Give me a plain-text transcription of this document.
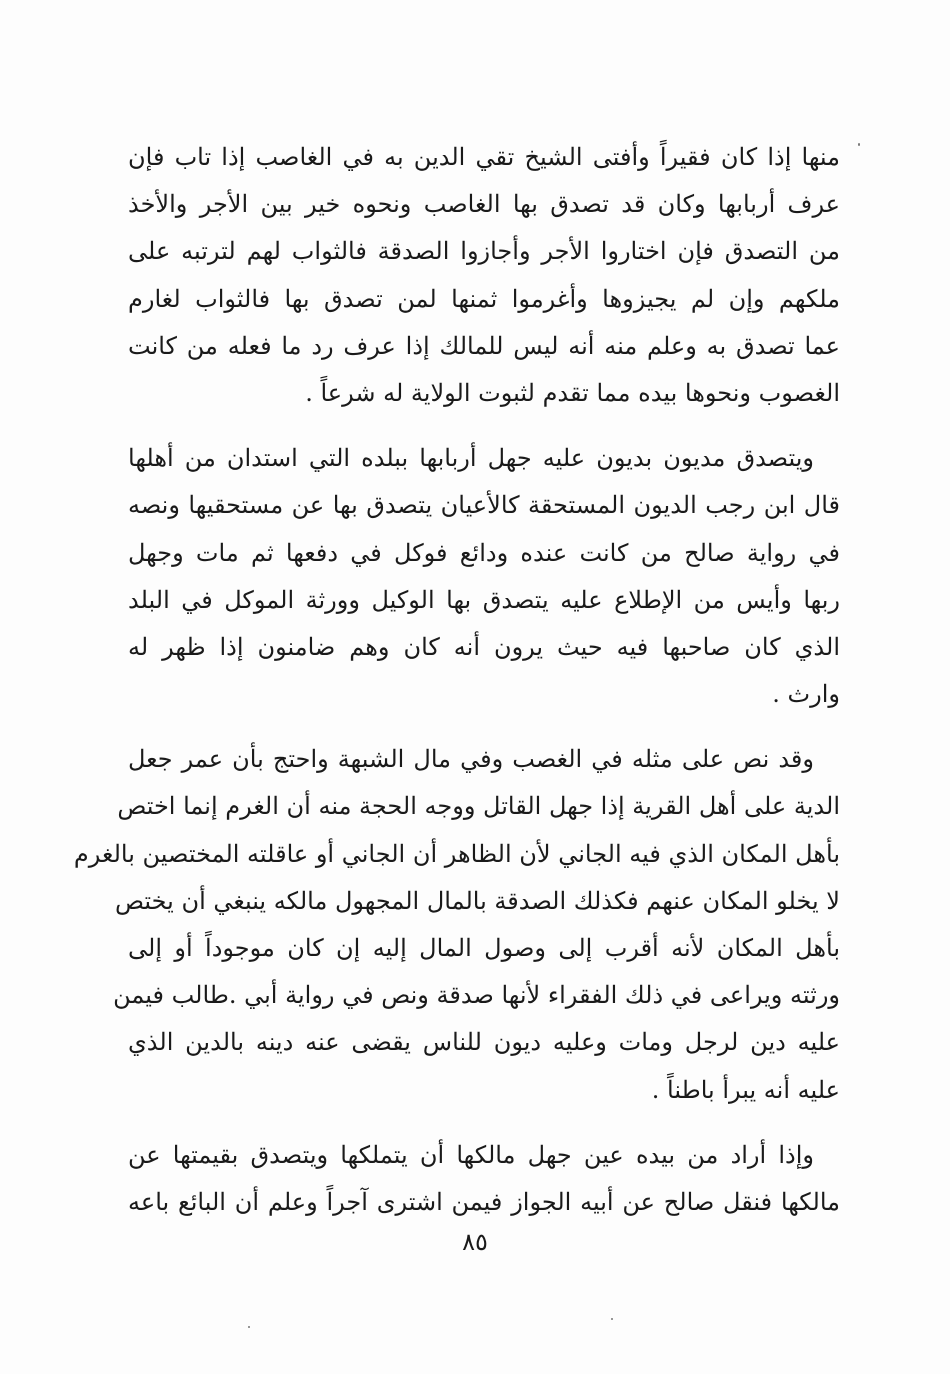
منها إذا كان فقيراً وأفتى الشيخ تقي الدين به في الغاصب إذا تاب فإن
عرف أربابها وكان قد تصدق بها الغاصب ونحوه خير بين الأجر والأخذ
من التصدق فإن اختاروا الأجر وأجازوا الصدقة فالثواب لهم لترتبه على
ملكهم وإن لم يجيزوها وأغرموا ثمنها لمن تصدق بها فالثواب لغارم
عما تصدق به وعلم منه أنه ليس للمالك إذا عرف رد ما فعله من كانت
الغصوب ونحوها بيده مما تقدم لثبوت الولاية له شرعاً .
ويتصدق مديون بديون عليه جهل أربابها ببلده التي استدان من أهلها
قال ابن رجب الديون المستحقة كالأعيان يتصدق بها عن مستحقيها ونصه
في رواية صالح من كانت عنده ودائع فوكل في دفعها ثم مات وجهل
ربها وأيس من الإطلاع عليه يتصدق بها الوكيل وورثة الموكل في البلد
الذي كان صاحبها فيه حيث يرون أنه كان وهم ضامنون إذا ظهر له
وارث .
وقد نص على مثله في الغصب وفي مال الشبهة واحتج بأن عمر جعل
الدية على أهل القرية إذا جهل القاتل ووجه الحجة منه أن الغرم إنما اختص
بأهل المكان الذي فيه الجاني لأن الظاهر أن الجاني أو عاقلته المختصين بالغرم
لا يخلو المكان عنهم فكذلك الصدقة بالمال المجهول مالكه ينبغي أن يختص
بأهل المكان لأنه أقرب إلى وصول المال إليه إن كان موجوداً أو إلى
ورثته ويراعى في ذلك الفقراء لأنها صدقة ونص في رواية أبي .طالب فيمن
عليه دين لرجل ومات وعليه ديون للناس يقضى عنه دينه بالدين الذي
عليه أنه يبرأ باطناً .
وإذا أراد من بيده عين جهل مالكها أن يتملكها ويتصدق بقيمتها عن
مالكها فنقل صالح عن أبيه الجواز فيمن اشترى آجراً وعلم أن البائع باعه
٨٥
